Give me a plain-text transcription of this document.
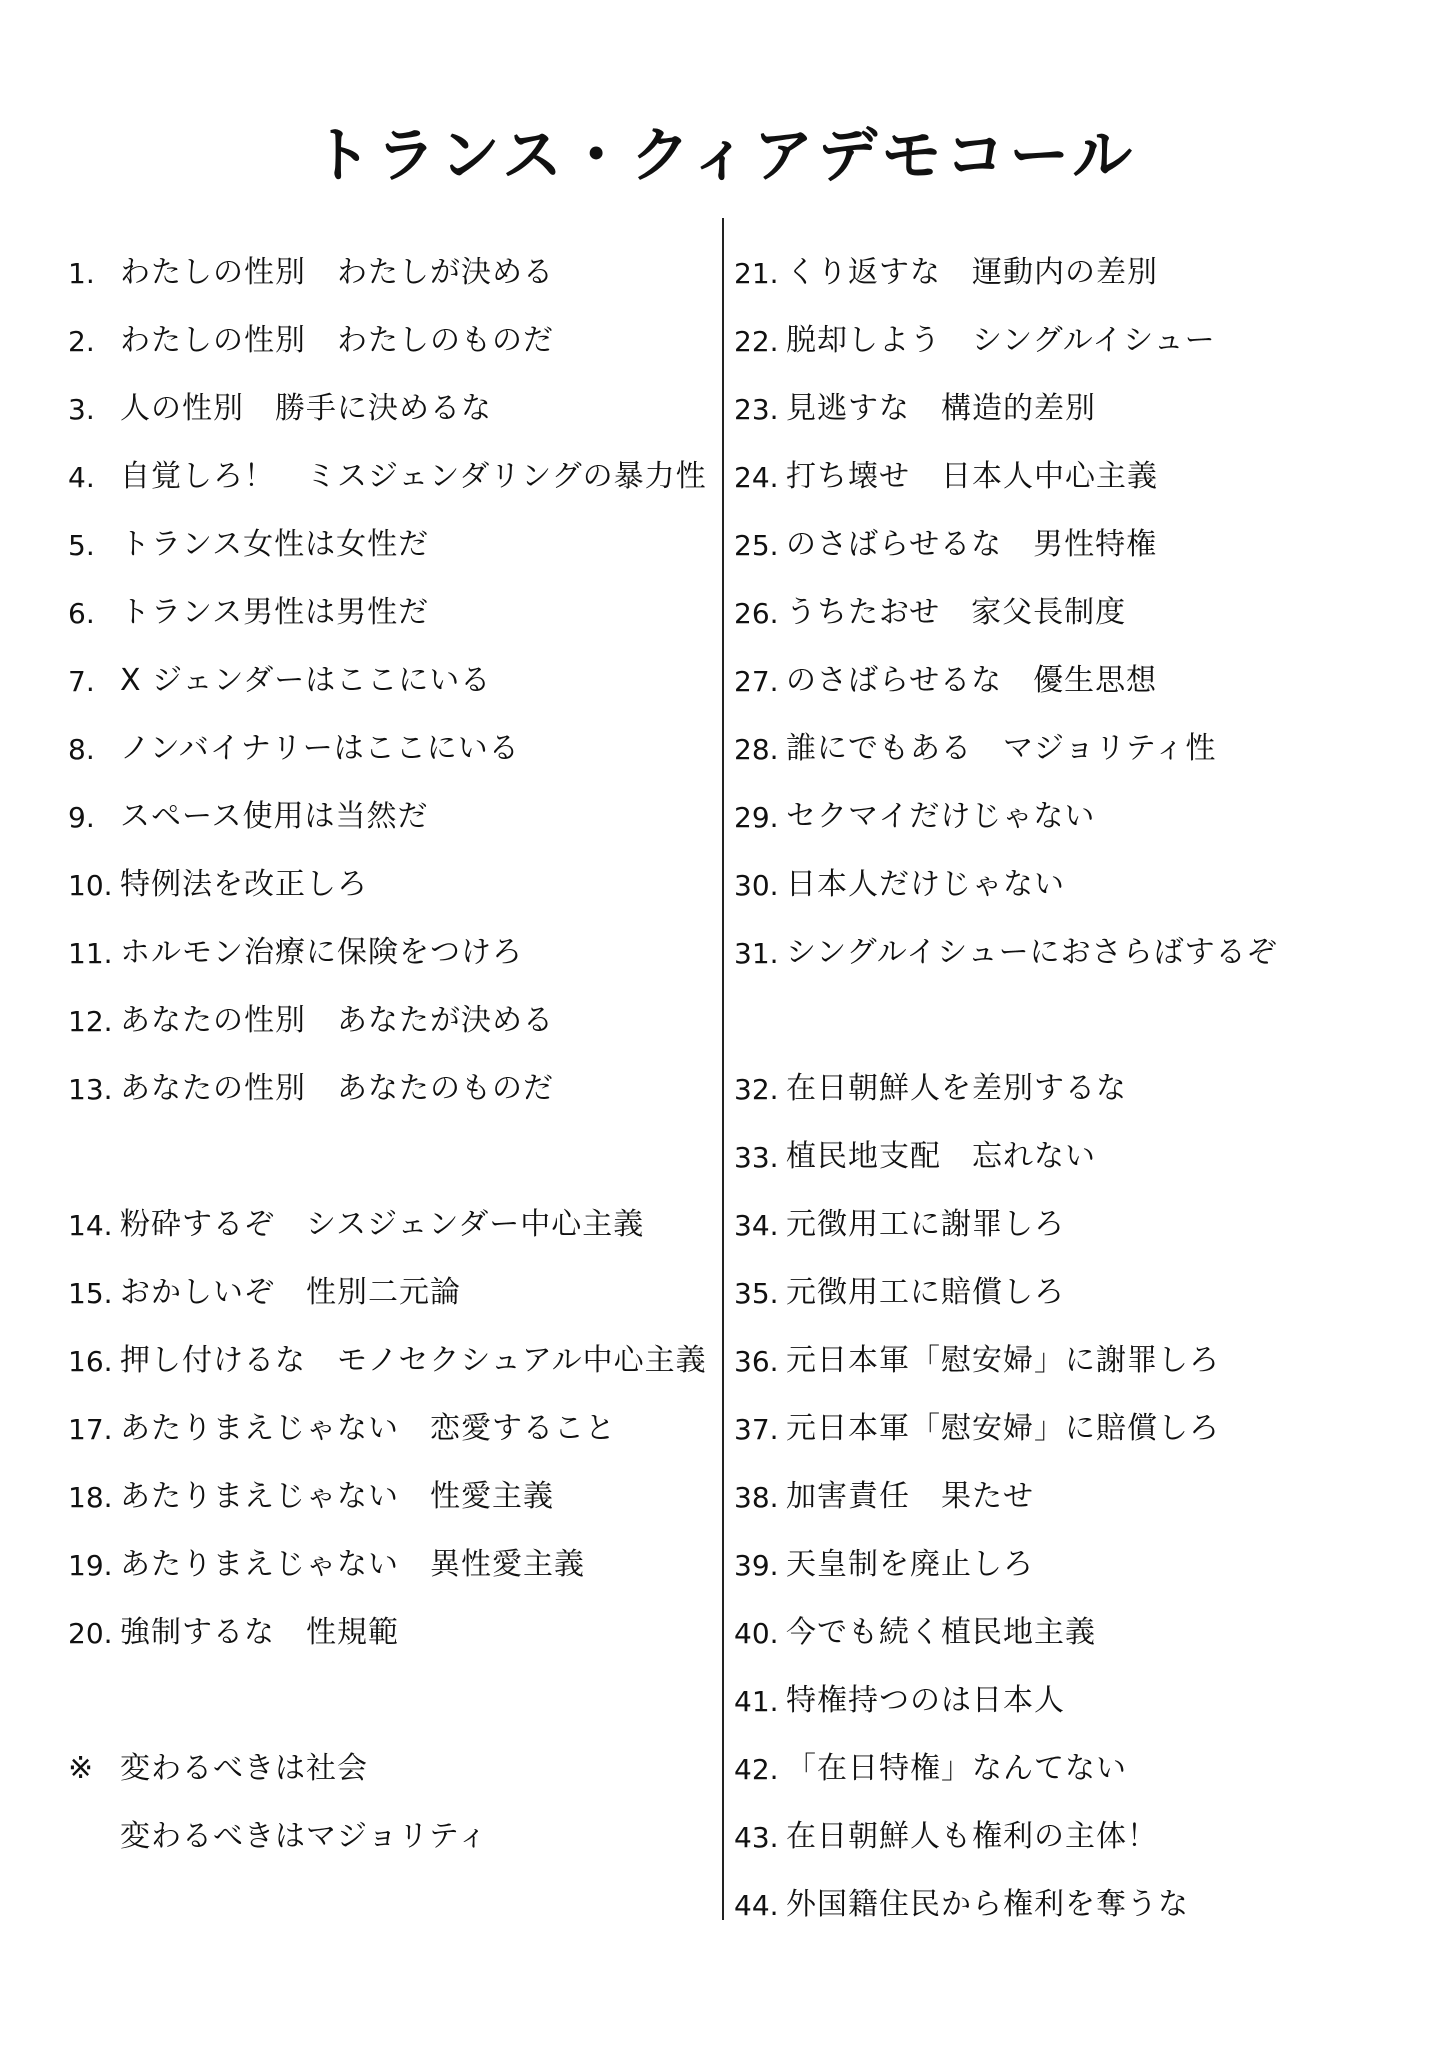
トランス・クィアデモコール
1. わたしの性別　わたしが決める
2. わたしの性別　わたしのものだ
3. 人の性別　勝手に決めるな
4. 自覚しろ！　ミスジェンダリングの暴力性
5. トランス女性は女性だ
6. トランス男性は男性だ
7. X ジェンダーはここにいる
8. ノンバイナリーはここにいる
9. スペース使用は当然だ
10. 特例法を改正しろ
11. ホルモン治療に保険をつけろ
12. あなたの性別　あなたが決める
13. あなたの性別　あなたのものだ
14. 粉砕するぞ　シスジェンダー中心主義
15. おかしいぞ　性別二元論
16. 押し付けるな　モノセクシュアル中心主義
17. あたりまえじゃない　恋愛すること
18. あたりまえじゃない　性愛主義
19. あたりまえじゃない　異性愛主義
20. 強制するな　性規範
※ 変わるべきは社会
変わるべきはマジョリティ
21. くり返すな　運動内の差別
22. 脱却しよう　シングルイシュー
23. 見逃すな　構造的差別
24. 打ち壊せ　日本人中心主義
25. のさばらせるな　男性特権
26. うちたおせ　家父長制度
27. のさばらせるな　優生思想
28. 誰にでもある　マジョリティ性
29. セクマイだけじゃない
30. 日本人だけじゃない
31. シングルイシューにおさらばするぞ
32. 在日朝鮮人を差別するな
33. 植民地支配　忘れない
34. 元徴用工に謝罪しろ
35. 元徴用工に賠償しろ
36. 元日本軍「慰安婦」に謝罪しろ
37. 元日本軍「慰安婦」に賠償しろ
38. 加害責任　果たせ
39. 天皇制を廃止しろ
40. 今でも続く植民地主義
41. 特権持つのは日本人
42. 「在日特権」なんてない
43. 在日朝鮮人も権利の主体！
44. 外国籍住民から権利を奪うな
